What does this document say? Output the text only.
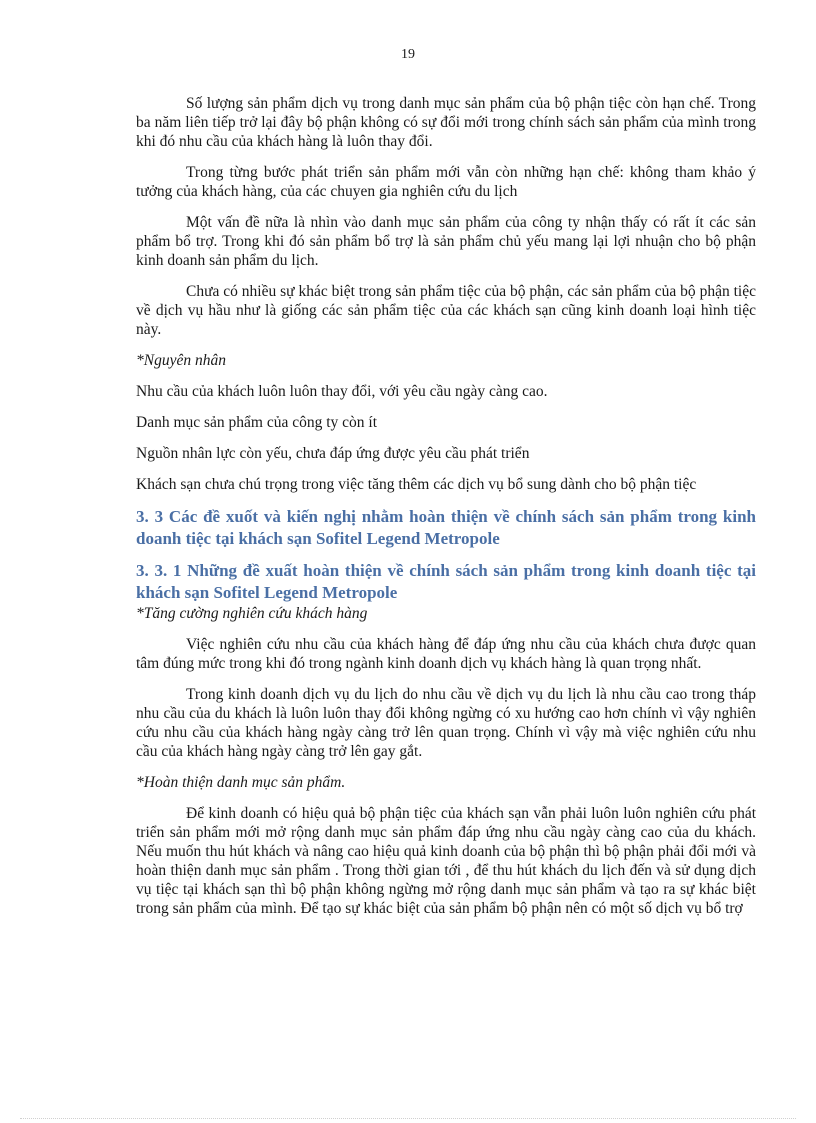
19

Số lượng sản phẩm dịch vụ trong danh mục sản phẩm của bộ phận tiệc còn hạn chế. Trong ba năm liên tiếp trở lại đây bộ phận không có sự đổi mới trong chính sách sản phẩm của mình trong khi đó nhu cầu của khách hàng là luôn thay đổi.

Trong từng bước phát triển sản phẩm mới vẫn còn những hạn chế: không tham khảo ý tưởng của khách hàng, của các chuyen gia nghiên cứu du lịch

Một vấn đề nữa là nhìn vào danh mục sản phẩm của công ty nhận thấy có rất ít các sản phẩm bổ trợ. Trong khi đó sản phẩm bổ trợ là sản phẩm chủ yếu mang lại lợi nhuận cho bộ phận kinh doanh sản phẩm du lịch.

Chưa có nhiều sự khác biệt trong sản phẩm tiệc của bộ phận, các sản phẩm của bộ phận tiệc về dịch vụ hầu như là giống các sản phẩm tiệc của các khách sạn cũng kinh doanh loại hình tiệc này.

*Nguyên nhân

Nhu cầu của khách luôn luôn thay đổi, với yêu cầu ngày càng cao.

Danh mục sản phẩm của công ty còn ít

Nguồn nhân lực còn yếu, chưa đáp ứng được yêu cầu phát triển

Khách sạn chưa chú trọng trong việc tăng thêm các dịch vụ bổ sung dành cho bộ phận tiệc

3. 3 Các đề xuốt và kiến nghị nhằm hoàn thiện về chính sách sản phẩm trong kinh doanh tiệc tại khách sạn Sofitel Legend Metropole
3. 3. 1 Những đề xuất hoàn thiện về chính sách sản phẩm trong kinh doanh tiệc tại khách sạn Sofitel Legend Metropole

*Tăng cường nghiên cứu khách hàng

Việc nghiên cứu nhu cầu của khách hàng để đáp ứng nhu cầu của khách chưa được quan tâm đúng mức trong khi đó trong ngành kinh doanh dịch vụ khách hàng là quan trọng nhất.

Trong kinh doanh dịch vụ du lịch do nhu cầu về dịch vụ du lịch là nhu cầu cao trong tháp nhu cầu của du khách là luôn luôn thay đổi không ngừng có xu hướng cao hơn chính vì vậy nghiên cứu nhu cầu của khách hàng ngày càng trở lên quan trọng. Chính vì vậy mà việc nghiên cứu nhu cầu của khách hàng ngày càng trở lên gay gắt.

*Hoàn thiện danh mục sản phẩm.

Để kinh doanh có hiệu quả bộ phận tiệc của khách sạn vẫn phải luôn luôn nghiên cứu phát triển sản phẩm mới mở rộng danh mục sản phẩm đáp ứng nhu cầu ngày càng cao của du khách. Nếu muốn thu hút khách và nâng cao hiệu quả kinh doanh của bộ phận thì bộ phận phải đổi mới và hoàn thiện danh mục sản phẩm . Trong thời gian tới , để thu hút khách du lịch đến và sử dụng dịch vụ tiệc tại khách sạn thì bộ phận không ngừng mở rộng danh mục sản phẩm và tạo ra sự khác biệt trong sản phẩm của mình. Để tạo sự khác biệt của sản phẩm bộ phận nên có một số dịch vụ bổ trợ
